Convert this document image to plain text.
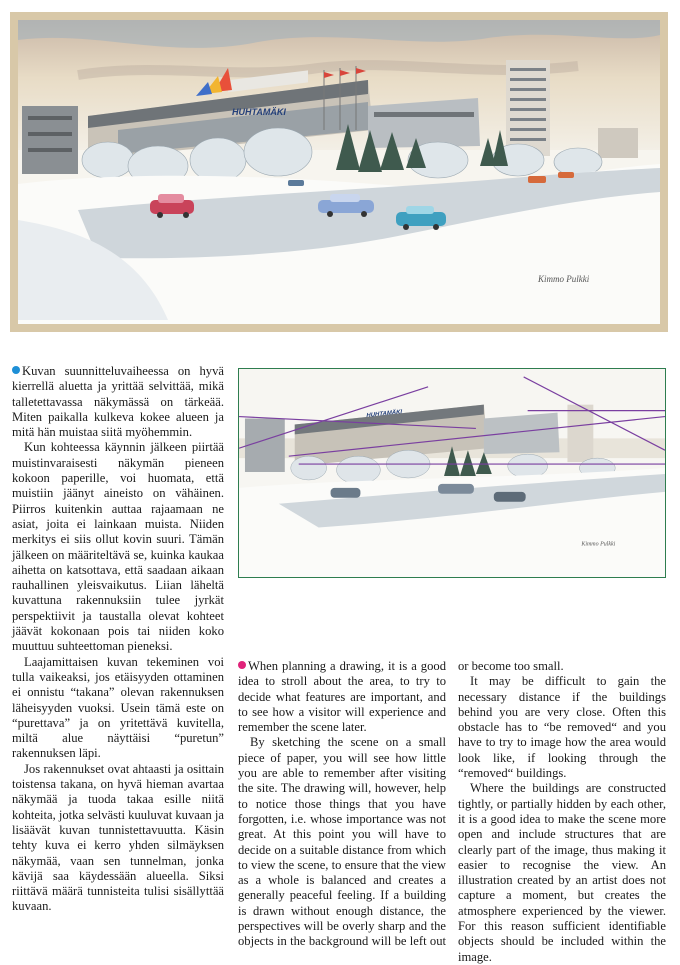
HUHTAMÄKI
Kimmo Pulkki
HUHTAMÄKI
Kimmo Pulkki

Kuvan suunnitteluvaiheessa on hyvä kierrellä aluetta ja yrittää selvittää, mikä talletettavassa näkymässä on tärkeää. Miten paikalla kulkeva kokee alueen ja mitä hän muistaa siitä myöhemmin.

Kun kohteessa käynnin jälkeen piirtää muistinvaraisesti näkymän pieneen kokoon paperille, voi huomata, että muistiin jäänyt aineisto on vähäinen. Piirros kuitenkin auttaa rajaamaan ne asiat, joita ei lainkaan muista. Niiden merkitys ei siis ollut kovin suuri. Tämän jälkeen on määriteltävä se, kuinka kaukaa aihetta on katsottava, että saadaan aikaan rauhallinen yleisvaikutus. Liian läheltä kuvattuna rakennuksiin tulee jyrkät perspektiivit ja taustalla olevat kohteet jäävät kokonaan pois tai niiden koko muuttuu suhteettoman pieneksi.

Laajamittaisen kuvan tekeminen voi tulla vaikeaksi, jos etäisyyden ottaminen ei onnistu “takana” olevan rakennuksen läheisyyden vuoksi. Usein tämä este on “purettava” ja on yritettävä kuvitella, miltä alue näyttäisi “puretun” rakennuksen läpi.

Jos rakennukset ovat ahtaasti ja osittain toistensa takana, on hyvä hieman avartaa näkymää ja tuoda takaa esille niitä kohteita, jotka selvästi kuuluvat kuvaan ja lisäävät kuvan tunnistettavuutta. Käsin tehty kuva ei kerro yhden silmäyksen näkymää, vaan sen tunnelman, jonka kävijä saa käydessään alueella. Siksi riittävä määrä tunnisteita tulisi sisällyttää kuvaan.

When planning a drawing, it is a good idea to stroll about the area, to try to decide what features are important, and to see how a visitor will experience and remember the scene later.

By sketching the scene on a small piece of paper, you will see how little you are able to remember after visiting the site. The drawing will, however, help to notice those things that you have forgotten, i.e. whose importance was not great. At this point you will have to decide on a suitable distance from which to view the scene, to ensure that the view as a whole is balanced and creates a generally peaceful feeling. If a building is drawn without enough distance, the perspectives will be overly sharp and the objects in the background will be left out

or become too small.

It may be difficult to gain the necessary distance if the buildings behind you are very close. Often this obstacle has to “be removed“ and you have to try to image how the area would look like, if looking through the “removed“ buildings.

Where the buildings are constructed tightly, or partially hidden by each other, it is a good idea to make the scene more open and include structures that are clearly part of the image, thus making it easier to recognise the view. An illustration created by an artist does not capture a moment, but creates the atmosphere experienced by the viewer. For this reason sufficient identifiable objects should be included within the image.
